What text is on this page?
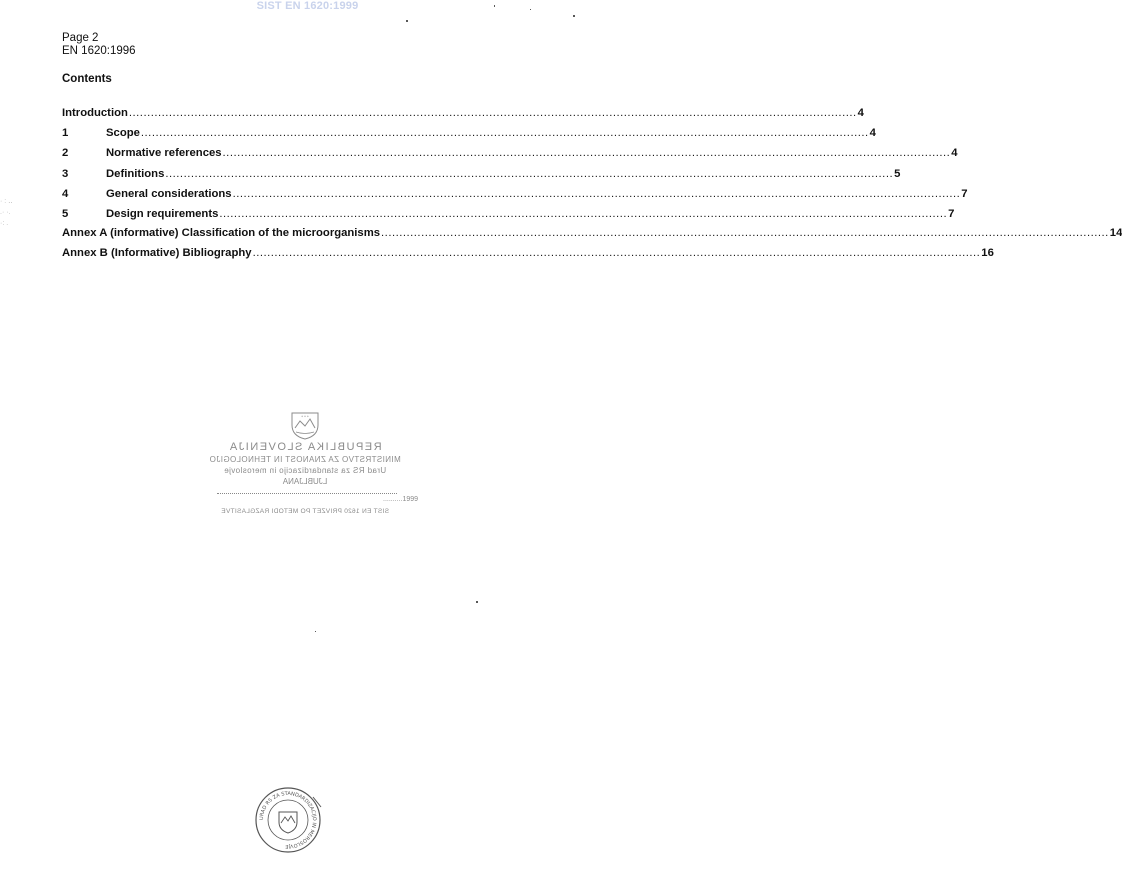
SIST EN 1620:1999
Page 2
EN 1620:1996
Contents
Introduction ........................................................................................................................................................................................................ 4
1	Scope ........................................................................................................................................................................................................ 4
2	Normative references ........................................................................................................................................................................................................ 4
3	Definitions ........................................................................................................................................................................................................ 5
4	General considerations ........................................................................................................................................................................................................ 7
5	Design requirements ........................................................................................................................................................................................................ 7
Annex A (informative) Classification of the microorganisms ........................................................................................................................................................................................................ 14
Annex B (Informative) Bibliography ........................................................................................................................................................................................................ 16
· : ‥
.· ·.
·: .
* * *
REPUBLIKA SLOVENIJA
MINISTRSTVO ZA ZNANOST IN TEHNOLOGIJO
Urad RS za standardizacijo in meroslovje
LJUBLJANA
..........1999
SIST EN 1620 PRIVZET PO METODI RAZGLASITVE
URAD RS ZA STANDARDIZACIJO IN MEROSLOVJE
